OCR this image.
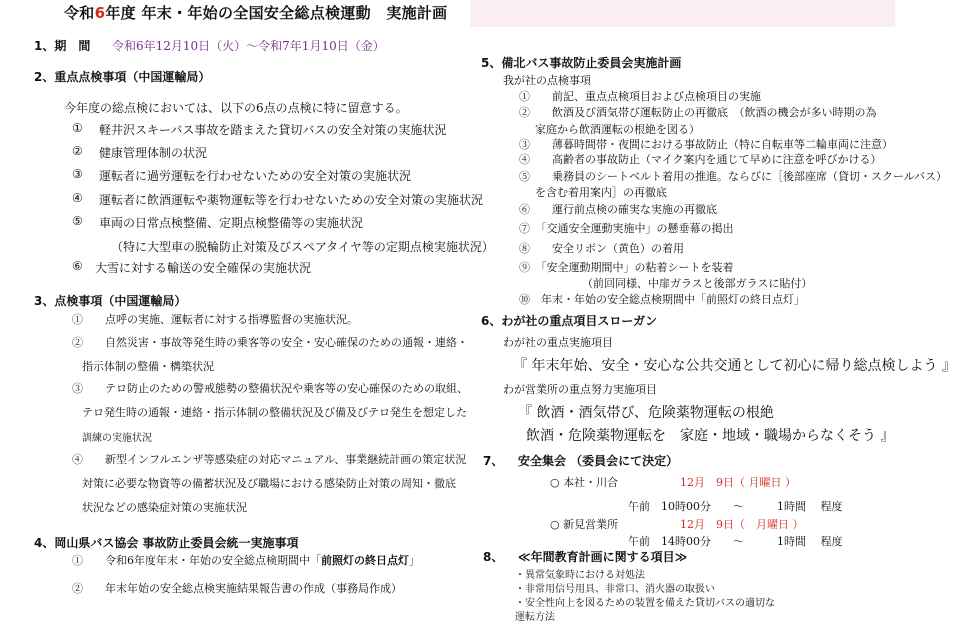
令和6年度 年末・年始の全国安全総点検運動　実施計画
1、期　間 令和6年12月10日（火）～令和7年1月10日（金）
2、重点点検事項（中国運輸局）
今年度の総点検においては、以下の6点の点検に特に留意する。
① 軽井沢スキーバス事故を踏まえた貸切バスの安全対策の実施状況
② 健康管理体制の状況
③ 運転者に過労運転を行わせないための安全対策の実施状況
④ 運転者に飲酒運転や薬物運転等を行わせないための安全対策の実施状況
⑤ 車両の日常点検整備、定期点検整備等の実施状況
（特に大型車の脱輪防止対策及びスペアタイヤ等の定期点検実施状況）
⑥ 大雪に対する輸送の安全確保の実施状況
3、点検事項（中国運輸局）
①　　点呼の実施、運転者に対する指導監督の実施状況。
②　　自然災害・事故等発生時の乗客等の安全・安心確保のための通報・連絡・
指示体制の整備・構築状況
③　　テロ防止のための警戒態勢の整備状況や乗客等の安心確保のための取組、
テロ発生時の通報・連絡・指示体制の整備状況及び備及びテロ発生を想定した
訓練の実施状況
④　　新型インフルエンザ等感染症の対応マニュアル、事業継続計画の策定状況
対策に必要な物資等の備蓄状況及び職場における感染防止対策の周知・徹底
状況などの感染症対策の実施状況
4、岡山県バス協会 事故防止委員会統一実施事項
①　　令和6年度年末・年始の安全総点検期間中「前照灯の終日点灯」
②　　年末年始の安全総点検実施結果報告書の作成（事務局作成）
5、備北バス事故防止委員会実施計画
我が社の点検事項
①　　前記、重点点検項目および点検項目の実施
②　　飲酒及び酒気帯び運転防止の再徹底　（飲酒の機会が多い時期の為
家庭から飲酒運転の根絶を図る）
③　　薄暮時間帯・夜間における事故防止（特に自転車等二輪車両に注意）
④　　高齢者の事故防止（マイク案内を通じて早めに注意を呼びかける）
⑤　　乗務員のシートベルト着用の推進。ならびに［後部座席（貸切・スクールバス）
を含む着用案内］の再徹底
⑥　　運行前点検の確実な実施の再徹底
⑦　「交通安全運動実施中」の懸垂幕の掲出
⑧　　安全リボン（黄色）の着用
⑨　「安全運動期間中」の粘着シートを装着
（前回同様、中扉ガラスと後部ガラスに貼付）
⑩　年末・年始の安全総点検期間中「前照灯の終日点灯」
6、わが社の重点項目スローガン
わが社の重点実施項目
『 年末年始、安全・安心な公共交通として初心に帰り総点検しよう 』
わが営業所の重点努力実施項目
『 飲酒・酒気帯び、危険薬物運転の根絶
飲酒・危険薬物運転を　家庭・地域・職場からなくそう 』
7、 安全集会 （委員会にて決定）
○ 本社・川合	12月　9日（ 月曜日 ）
午前　10時00分　　～　　　1時間　 程度
○ 新見営業所	12月　9日（　月曜日 ）
午前　14時00分　　～　　　1時間　 程度
8、 ≪年間教育計画に関する項目≫
・異常気象時における対処法
・非常用信号用具、非常口、消火器の取扱い
・安全性向上を図るための装置を備えた貸切バスの適切な
運転方法
